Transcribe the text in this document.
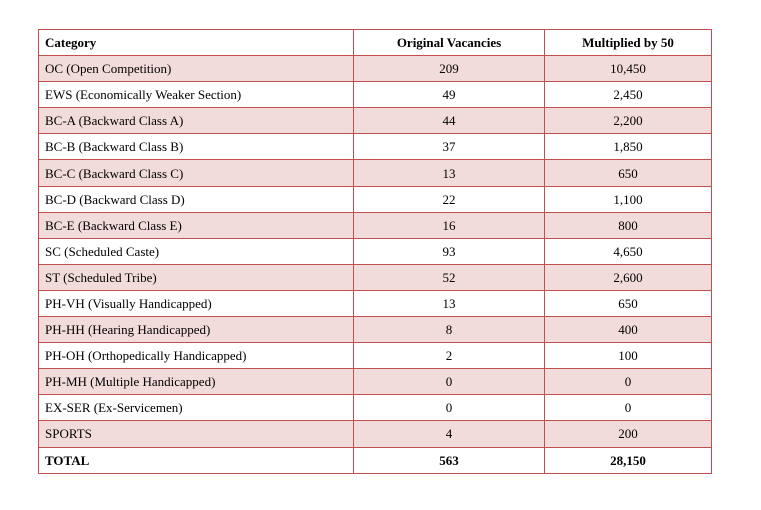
Category	Original Vacancies	Multiplied by 50
OC (Open Competition)	209	10,450
EWS (Economically Weaker Section)	49	2,450
BC-A (Backward Class A)	44	2,200
BC-B (Backward Class B)	37	1,850
BC-C (Backward Class C)	13	650
BC-D (Backward Class D)	22	1,100
BC-E (Backward Class E)	16	800
SC (Scheduled Caste)	93	4,650
ST (Scheduled Tribe)	52	2,600
PH-VH (Visually Handicapped)	13	650
PH-HH (Hearing Handicapped)	8	400
PH-OH (Orthopedically Handicapped)	2	100
PH-MH (Multiple Handicapped)	0	0
EX-SER (Ex-Servicemen)	0	0
SPORTS	4	200
TOTAL	563	28,150
